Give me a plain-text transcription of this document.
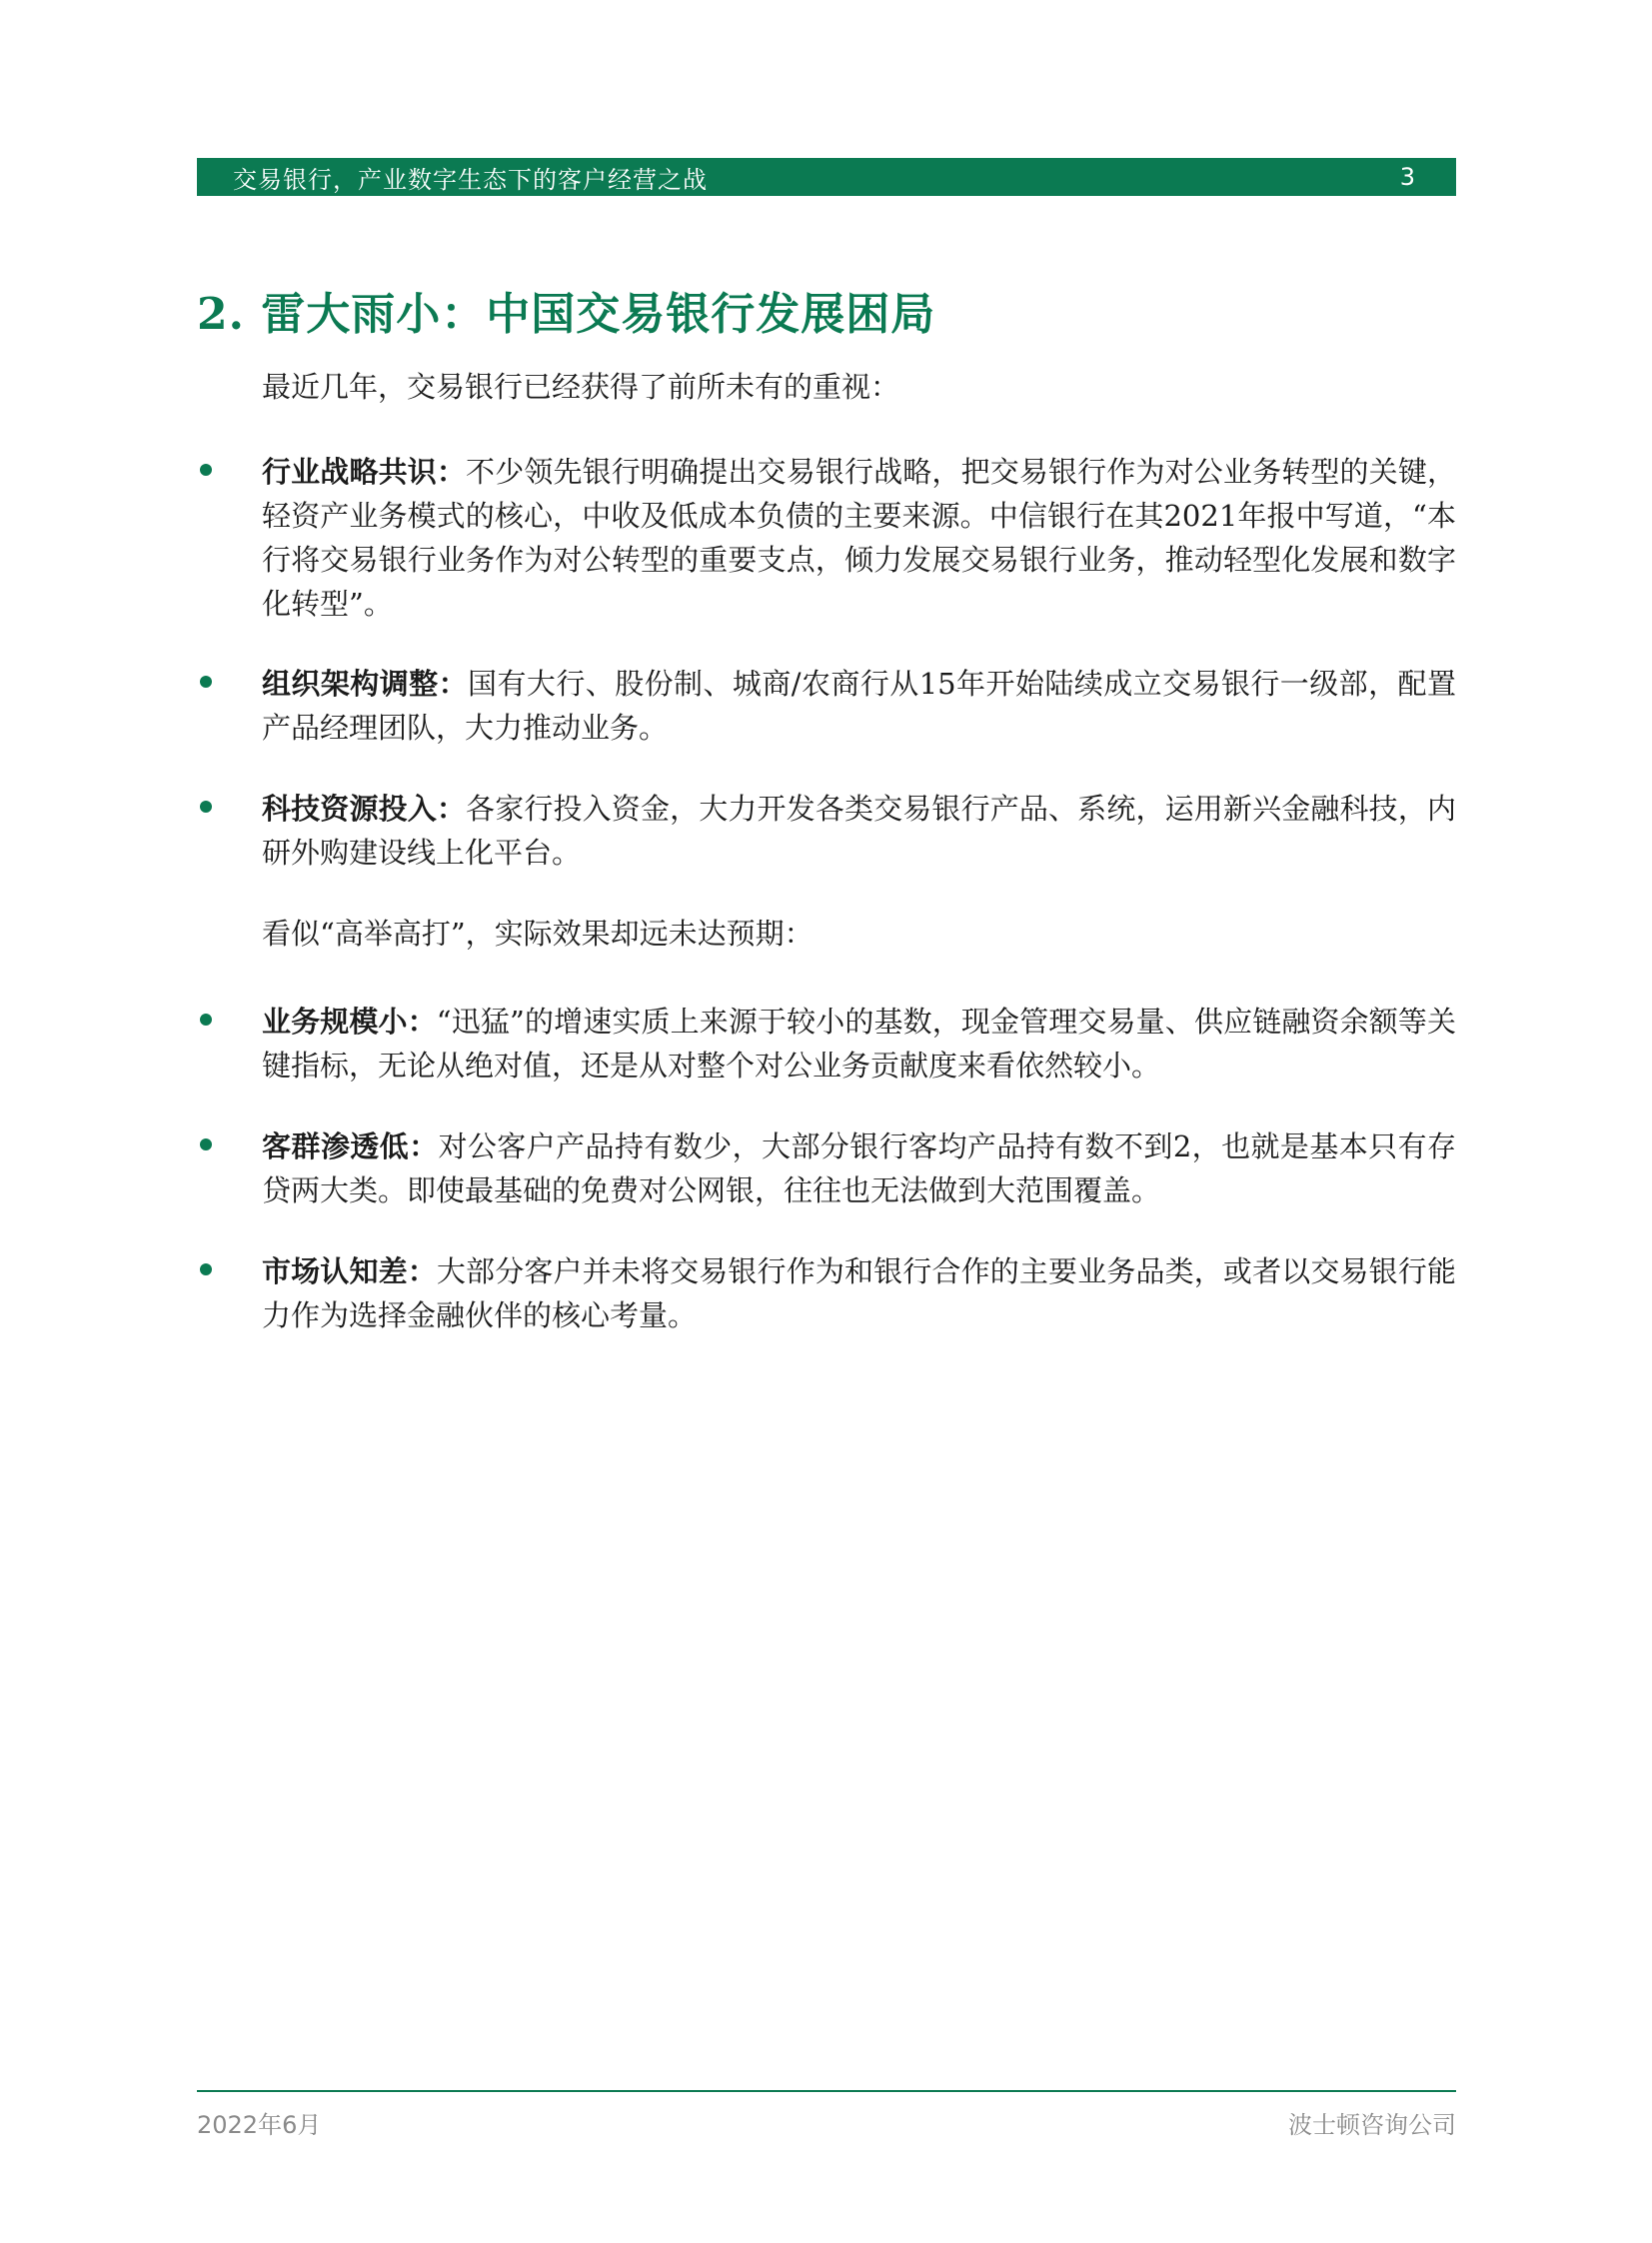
交易银行，产业数字生态下的客户经营之战	3
2. 雷大雨小：中国交易银行发展困局

最近几年，交易银行已经获得了前所未有的重视：

行业战略共识：不少领先银行明确提出交易银行战略，把交易银行作为对公业务转型的关键，轻资产业务模式的核心，中收及低成本负债的主要来源。中信银行在其2021年报中写道，“本行将交易银行业务作为对公转型的重要支点，倾力发展交易银行业务，推动轻型化发展和数字化转型”。

组织架构调整：国有大行、股份制、城商/农商行从15年开始陆续成立交易银行一级部，配置产品经理团队，大力推动业务。

科技资源投入：各家行投入资金，大力开发各类交易银行产品、系统，运用新兴金融科技，内研外购建设线上化平台。

看似“高举高打”，实际效果却远未达预期：

业务规模小：“迅猛”的增速实质上来源于较小的基数，现金管理交易量、供应链融资余额等关键指标，无论从绝对值，还是从对整个对公业务贡献度来看依然较小。

客群渗透低：对公客户产品持有数少，大部分银行客均产品持有数不到2，也就是基本只有存贷两大类。即使最基础的免费对公网银，往往也无法做到大范围覆盖。

市场认知差：大部分客户并未将交易银行作为和银行合作的主要业务品类，或者以交易银行能力作为选择金融伙伴的核心考量。

2022年6月	波士顿咨询公司
